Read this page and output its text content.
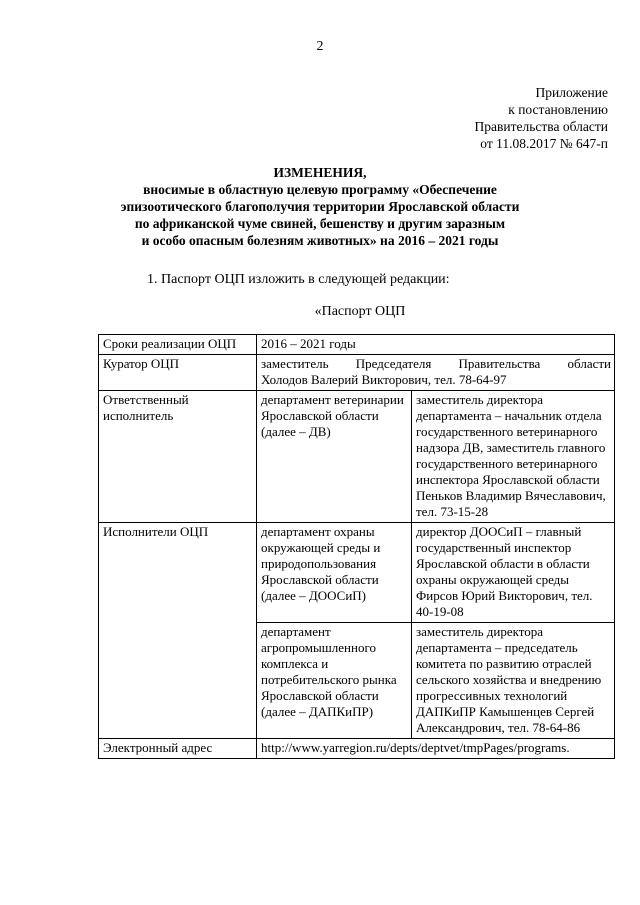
2
Приложение
к постановлению
Правительства области
от 11.08.2017 № 647-п
ИЗМЕНЕНИЯ,
вносимые в областную целевую программу «Обеспечение
эпизоотического благополучия территории Ярославской области
по африканской чуме свиней, бешенству и другим заразным
и особо опасным болезням животных» на 2016 – 2021 годы
1. Паспорт ОЦП изложить в следующей редакции:
«Паспорт ОЦП
Сроки реализации ОЦП	2016 – 2021 годы	
Куратор ОЦП	заместитель Председателя Правительства области
Холодов Валерий Викторович, тел. 78-64-97	

Ответственный исполнитель	департамент ветеринарии Ярославской области (далее – ДВ)	заместитель директора департамента – начальник отдела государственного ветеринарного надзора ДВ, заместитель главного государственного ветеринарного инспектора Ярославской области Пеньков Владимир Вячеславович, тел. 73-15-28
Исполнители ОЦП	департамент охраны окружающей среды и природопользования Ярославской области (далее – ДООСиП)	директор ДООСиП – главный государственный инспектор Ярославской области в области охраны окружающей среды Фирсов Юрий Викторович, тел. 40-19-08
	департамент агропромышленного комплекса и потребительского рынка Ярославской области (далее – ДАПКиПР)	заместитель директора департамента – председатель комитета по развитию отраслей сельского хозяйства и внедрению прогрессивных технологий ДАПКиПР Камышенцев Сергей Александрович, тел. 78-64-86
Электронный адрес	http://www.yarregion.ru/depts/deptvet/tmpPages/programs.	
